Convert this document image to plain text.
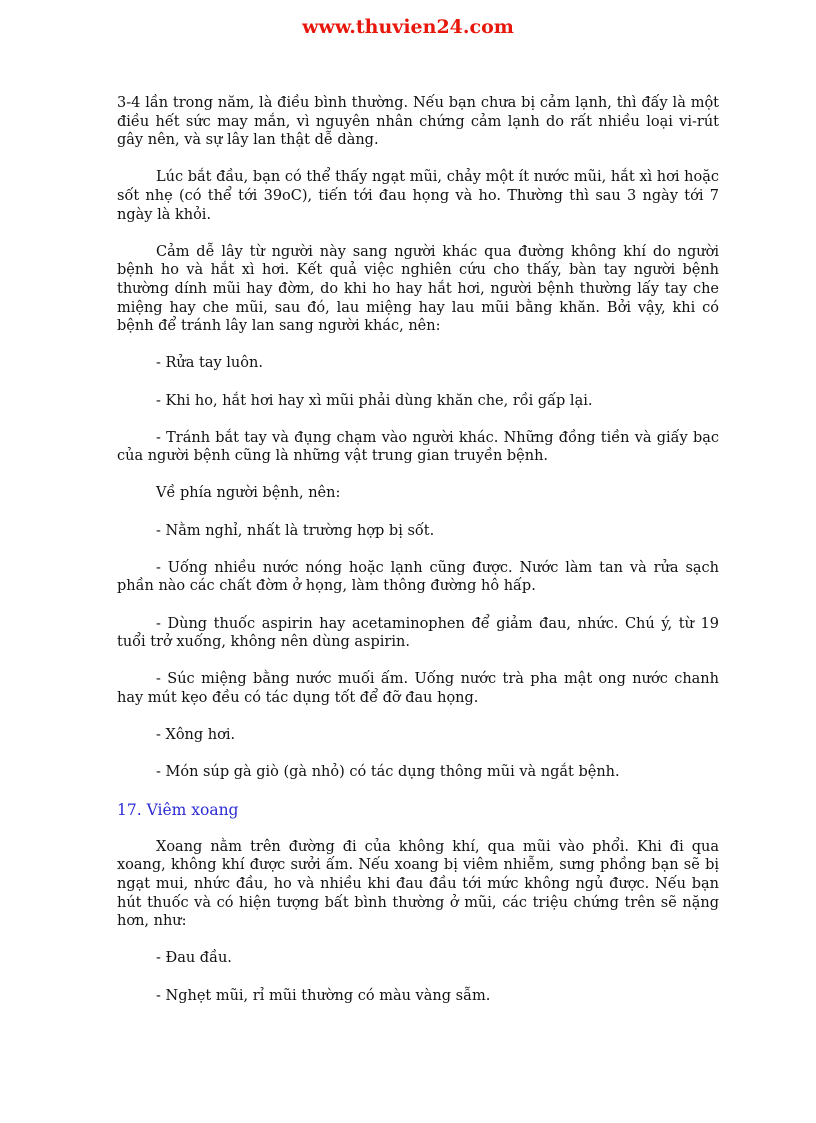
www.thuvien24.com

3-4 lần trong năm, là điều bình thường. Nếu bạn chưa bị cảm lạnh, thì đấy là một điều hết sức may mắn, vì nguyên nhân chứng cảm lạnh do rất nhiều loại vi-rút gây nên, và sự lây lan thật dễ dàng.

Lúc bắt đầu, bạn có thể thấy ngạt mũi, chảy một ít nước mũi, hắt xì hơi hoặc sốt nhẹ (có thể tới 39oC), tiến tới đau họng và ho. Thường thì sau 3 ngày tới 7 ngày là khỏi.

Cảm dễ lây từ người này sang người khác qua đường không khí do người bệnh ho và hắt xì hơi. Kết quả việc nghiên cứu cho thấy, bàn tay người bệnh thường dính mũi hay đờm, do khi ho hay hắt hơi, người bệnh thường lấy tay che miệng hay che mũi, sau đó, lau miệng hay lau mũi bằng khăn. Bởi vậy, khi có bệnh để tránh lây lan sang người khác, nên:

- Rửa tay luôn.

- Khi ho, hắt hơi hay xì mũi phải dùng khăn che, rồi gấp lại.

- Tránh bắt tay và đụng chạm vào người khác. Những đồng tiền và giấy bạc của người bệnh cũng là những vật trung gian truyền bệnh.

Về phía người bệnh, nên:

- Nằm nghỉ, nhất là trường hợp bị sốt.

- Uống nhiều nước nóng hoặc lạnh cũng được. Nước làm tan và rửa sạch phần nào các chất đờm ở họng, làm thông đường hô hấp.

- Dùng thuốc aspirin hay acetaminophen để giảm đau, nhức. Chú ý, từ 19 tuổi trở xuống, không nên dùng aspirin.

- Súc miệng bằng nước muối ấm. Uống nước trà pha mật ong nước chanh hay mút kẹo đều có tác dụng tốt để đỡ đau họng.

- Xông hơi.

- Món súp gà giò (gà nhỏ) có tác dụng thông mũi và ngắt bệnh.

17. Viêm xoang

Xoang nằm trên đường đi của không khí, qua mũi vào phổi. Khi đi qua xoang, không khí được sưởi ấm. Nếu xoang bị viêm nhiễm, sưng phồng bạn sẽ bị ngạt mui, nhức đầu, ho và nhiều khi đau đầu tới mức không ngủ được. Nếu bạn hút thuốc và có hiện tượng bất bình thường ở mũi, các triệu chứng trên sẽ nặng hơn, như:

- Đau đầu.

- Nghẹt mũi, rỉ mũi thường có màu vàng sẫm.
